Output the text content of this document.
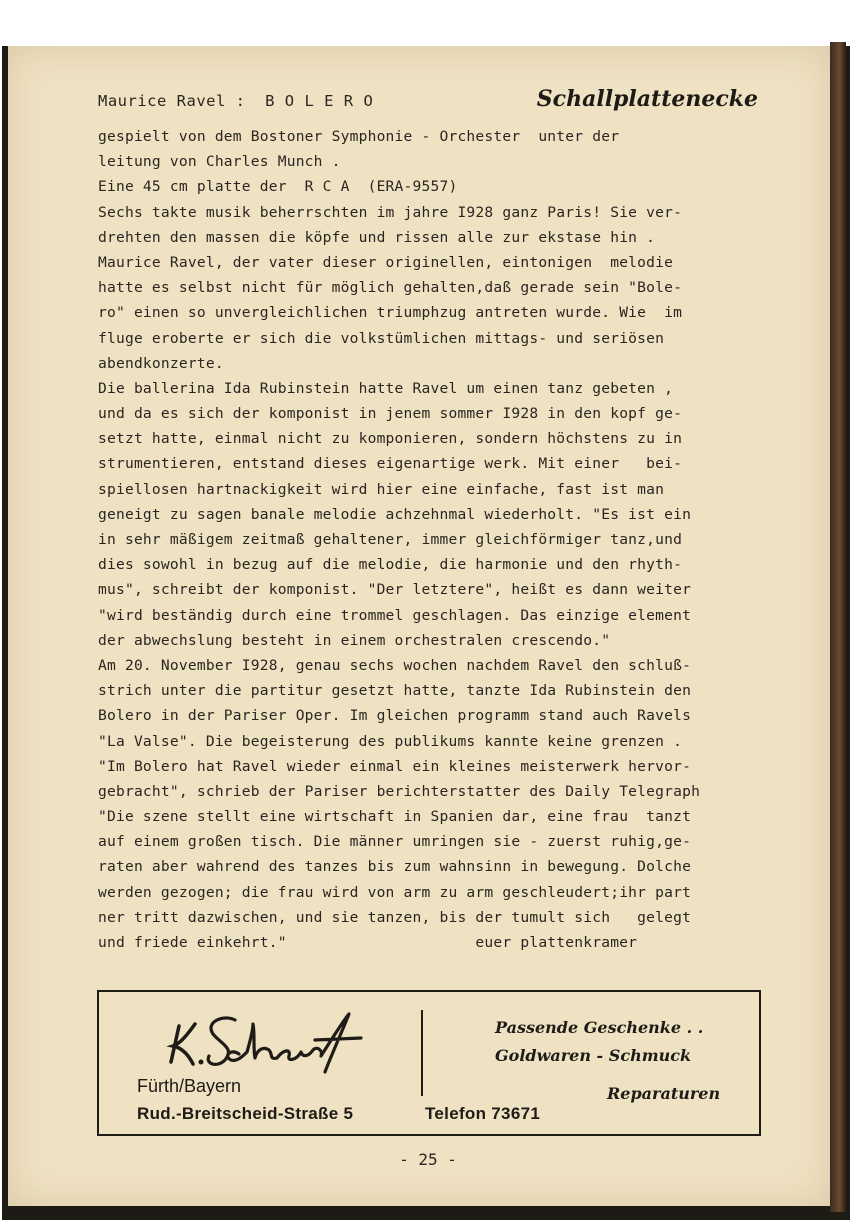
Maurice Ravel :  B O L E R O	Schallplattenecke
gespielt von dem Bostoner Symphonie - Orchester  unter der
leitung von Charles Munch .
Eine 45 cm platte der  R C A  (ERA-9557)
Sechs takte musik beherrschten im jahre I928 ganz Paris! Sie ver-
drehten den massen die köpfe und rissen alle zur ekstase hin .
Maurice Ravel, der vater dieser originellen, eintonigen  melodie
hatte es selbst nicht für möglich gehalten,daß gerade sein "Bole-
ro" einen so unvergleichlichen triumphzug antreten wurde. Wie  im
fluge eroberte er sich die volkstümlichen mittags- und seriösen
abendkonzerte.
Die ballerina Ida Rubinstein hatte Ravel um einen tanz gebeten ,
und da es sich der komponist in jenem sommer I928 in den kopf ge-
setzt hatte, einmal nicht zu komponieren, sondern höchstens zu in
strumentieren, entstand dieses eigenartige werk. Mit einer   bei-
spiellosen hartnackigkeit wird hier eine einfache, fast ist man
geneigt zu sagen banale melodie achzehnmal wiederholt. "Es ist ein
in sehr mäßigem zeitmaß gehaltener, immer gleichförmiger tanz,und
dies sowohl in bezug auf die melodie, die harmonie und den rhyth-
mus", schreibt der komponist. "Der letztere", heißt es dann weiter
"wird beständig durch eine trommel geschlagen. Das einzige element
der abwechslung besteht in einem orchestralen crescendo."
Am 20. November I928, genau sechs wochen nachdem Ravel den schluß-
strich unter die partitur gesetzt hatte, tanzte Ida Rubinstein den
Bolero in der Pariser Oper. Im gleichen programm stand auch Ravels
"La Valse". Die begeisterung des publikums kannte keine grenzen .
"Im Bolero hat Ravel wieder einmal ein kleines meisterwerk hervor-
gebracht", schrieb der Pariser berichterstatter des Daily Telegraph
"Die szene stellt eine wirtschaft in Spanien dar, eine frau  tanzt
auf einem großen tisch. Die männer umringen sie - zuerst ruhig,ge-
raten aber wahrend des tanzes bis zum wahnsinn in bewegung. Dolche
werden gezogen; die frau wird von arm zu arm geschleudert;ihr part
ner tritt dazwischen, und sie tanzen, bis der tumult sich   gelegt
und friede einkehrt."                     euer plattenkramer
Fürth/Bayern
Rud.-Breitscheid-Straße 5
Passende Geschenke . .
Goldwaren - Schmuck
Reparaturen
Telefon 73671
- 25 -
